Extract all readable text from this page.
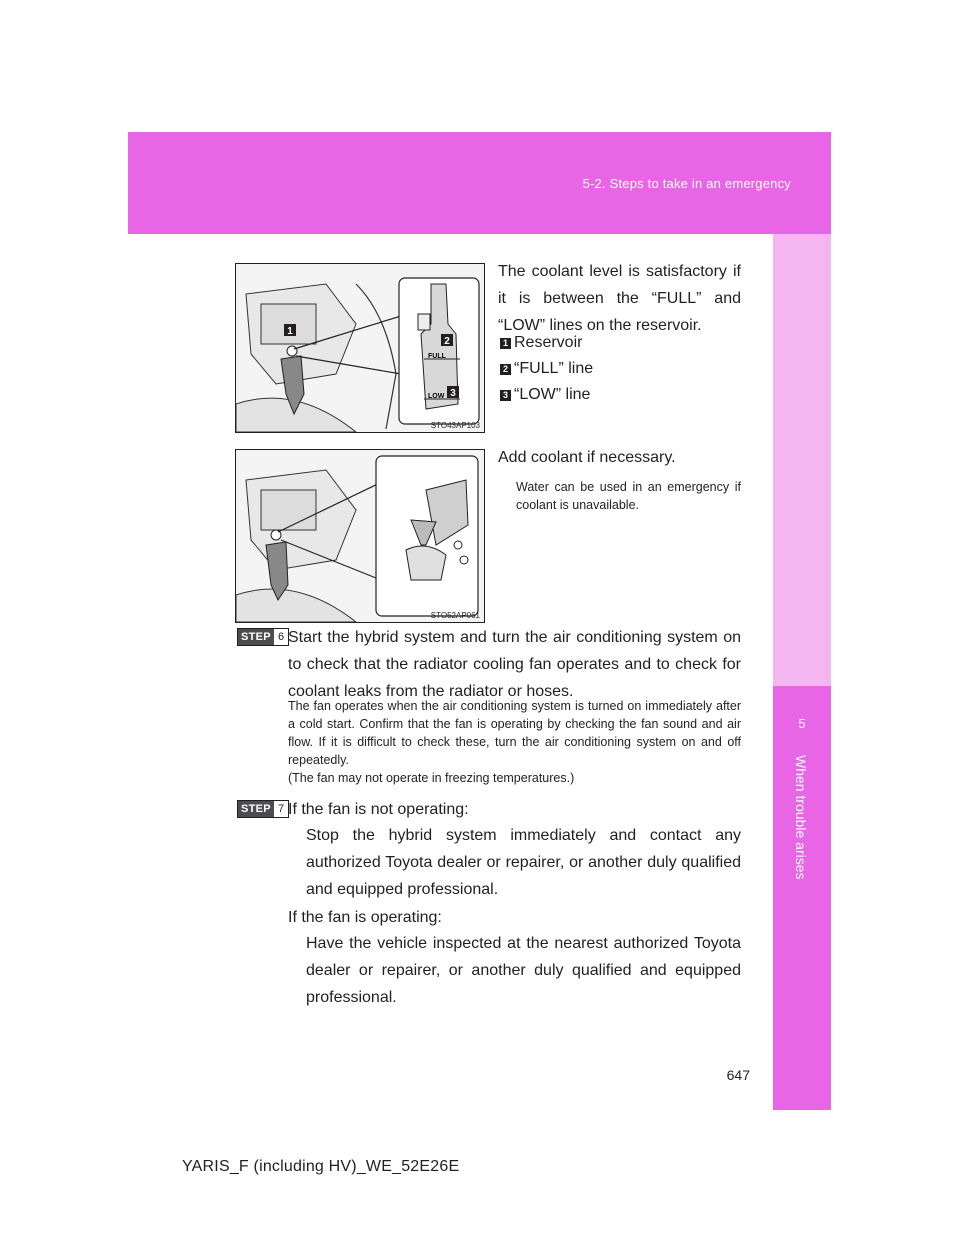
5-2. Steps to take in an emergency
5
When trouble arises
1
FULL
LOW
2
3
STO43AP103
The coolant level is satisfactory if it is between the “FULL” and “LOW” lines on the reservoir.
1 Reservoir
2 “FULL” line
3 “LOW” line
STO52AP061
Add coolant if necessary.
Water can be used in an emergency if coolant is unavailable.
STEP 6 Start the hybrid system and turn the air conditioning system on to check that the radiator cooling fan operates and to check for coolant leaks from the radiator or hoses.
The fan operates when the air conditioning system is turned on immediately after a cold start. Confirm that the fan is operating by checking the fan sound and air flow. If it is difficult to check these, turn the air conditioning system on and off repeatedly.
(The fan may not operate in freezing temperatures.)
STEP 7 If the fan is not operating:
Stop the hybrid system immediately and contact any authorized Toyota dealer or repairer, or another duly qualified and equipped professional.
If the fan is operating:
Have the vehicle inspected at the nearest authorized Toyota dealer or repairer, or another duly qualified and equipped professional.
647
YARIS_F (including HV)_WE_52E26E
